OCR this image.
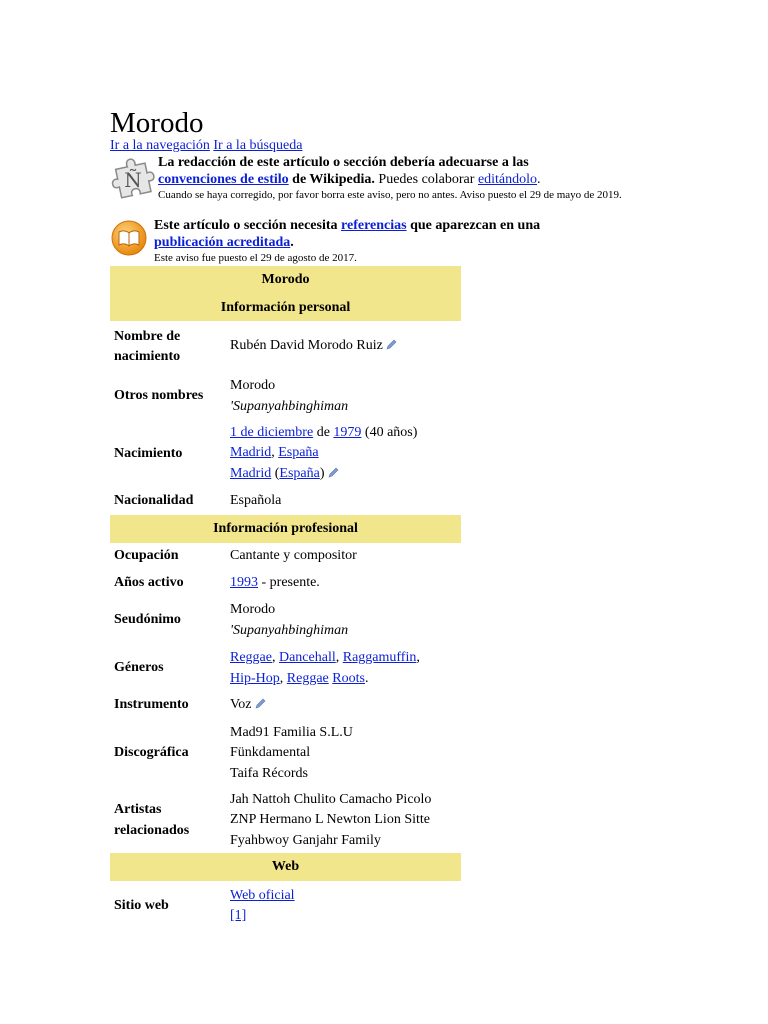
Morodo
Ir a la navegación Ir a la búsqueda
Ñ
La redacción de este artículo o sección debería adecuarse a las
convenciones de estilo de Wikipedia. Puedes colaborar editándolo.
Cuando se haya corregido, por favor borra este aviso, pero no antes. Aviso puesto el 29 de mayo de 2019.
Este artículo o sección necesita referencias que aparezcan en una
publicación acreditada.
Este aviso fue puesto el 29 de agosto de 2017.
Morodo	
Información personal	
Nombre de nacimiento	Rubén David Morodo Ruiz
Otros nombres	Morodo
'Supanyahbinghiman

Nacimiento	1 de diciembre de 1979 (40 años)
Madrid, España
Madrid (España)

Nacionalidad	Española
Información profesional	
Ocupación	Cantante y compositor
Años activo	1993 - presente.
Seudónimo	Morodo
'Supanyahbinghiman

Géneros	Reggae, Dancehall, Raggamuffin,
Hip-Hop, Reggae Roots.

Instrumento	Voz
Discográfica	Mad91 Familia S.L.U
Fünkdamental
Taifa Récords

Artistas relacionados	Jah Nattoh Chulito Camacho Picolo
ZNP Hermano L Newton Lion Sitte
Fyahbwoy Ganjahr Family

Web	
Sitio web	Web oficial
[1]
